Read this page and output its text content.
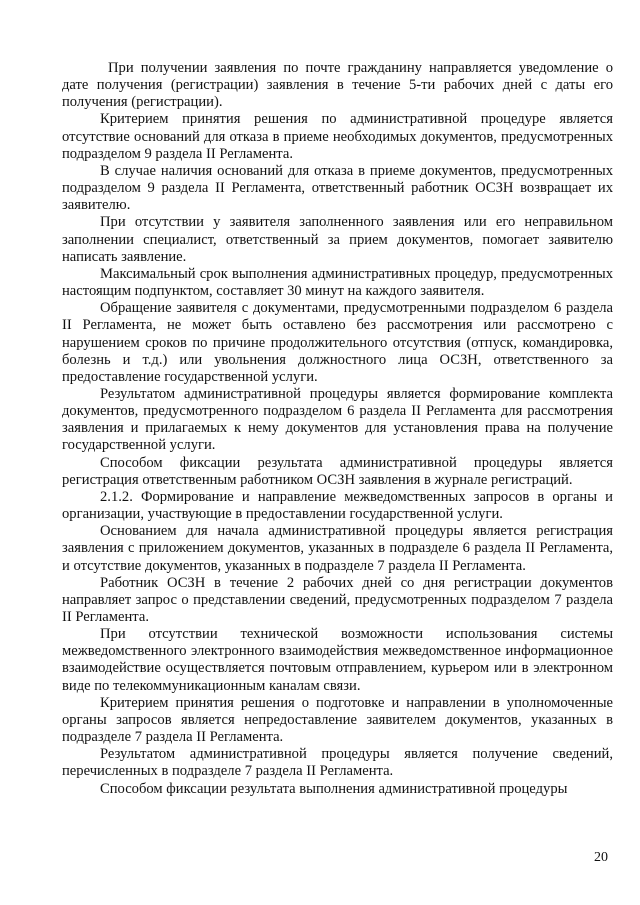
При получении заявления по почте гражданину направляется уведомление о дате получения (регистрации) заявления в течение 5-ти рабочих дней с даты его получения (регистрации).

Критерием принятия решения по административной процедуре является отсутствие оснований для отказа в приеме необходимых документов, предусмотренных подразделом 9 раздела II Регламента.

В случае наличия оснований для отказа в приеме документов, предусмотренных подразделом 9 раздела II Регламента, ответственный работник ОСЗН возвращает их заявителю.

При отсутствии у заявителя заполненного заявления или его неправильном заполнении специалист, ответственный за прием документов, помогает заявителю написать заявление.

Максимальный срок выполнения административных процедур, предусмотренных настоящим подпунктом, составляет 30 минут на каждого заявителя.

Обращение заявителя с документами, предусмотренными подразделом 6 раздела II Регламента, не может быть оставлено без рассмотрения или рассмотрено с нарушением сроков по причине продолжительного отсутствия (отпуск, командировка, болезнь и т.д.) или увольнения должностного лица ОСЗН, ответственного за предоставление государственной услуги.

Результатом административной процедуры является формирование комплекта документов, предусмотренного подразделом 6 раздела II Регламента для рассмотрения заявления и прилагаемых к нему документов для установления права на получение государственной услуги.

Способом фиксации результата административной процедуры является регистрация ответственным работником ОСЗН заявления в журнале регистраций.

2.1.2. Формирование и направление межведомственных запросов в органы и организации, участвующие в предоставлении государственной услуги.

Основанием для начала административной процедуры является регистрация заявления с приложением документов, указанных в подразделе 6 раздела II Регламента, и отсутствие документов, указанных в подразделе 7 раздела II Регламента.

Работник ОСЗН в течение 2 рабочих дней со дня регистрации документов направляет запрос о представлении сведений, предусмотренных подразделом 7 раздела II Регламента.

При отсутствии технической возможности использования системы межведомственного электронного взаимодействия межведомственное информационное взаимодействие осуществляется почтовым отправлением, курьером или в электронном виде по телекоммуникационным каналам связи.

Критерием принятия решения о подготовке и направлении в уполномоченные органы запросов является непредоставление заявителем документов, указанных в подразделе 7 раздела II Регламента.

Результатом административной процедуры является получение сведений, перечисленных в подразделе 7 раздела II Регламента.

Способом фиксации результата выполнения административной процедуры

20
